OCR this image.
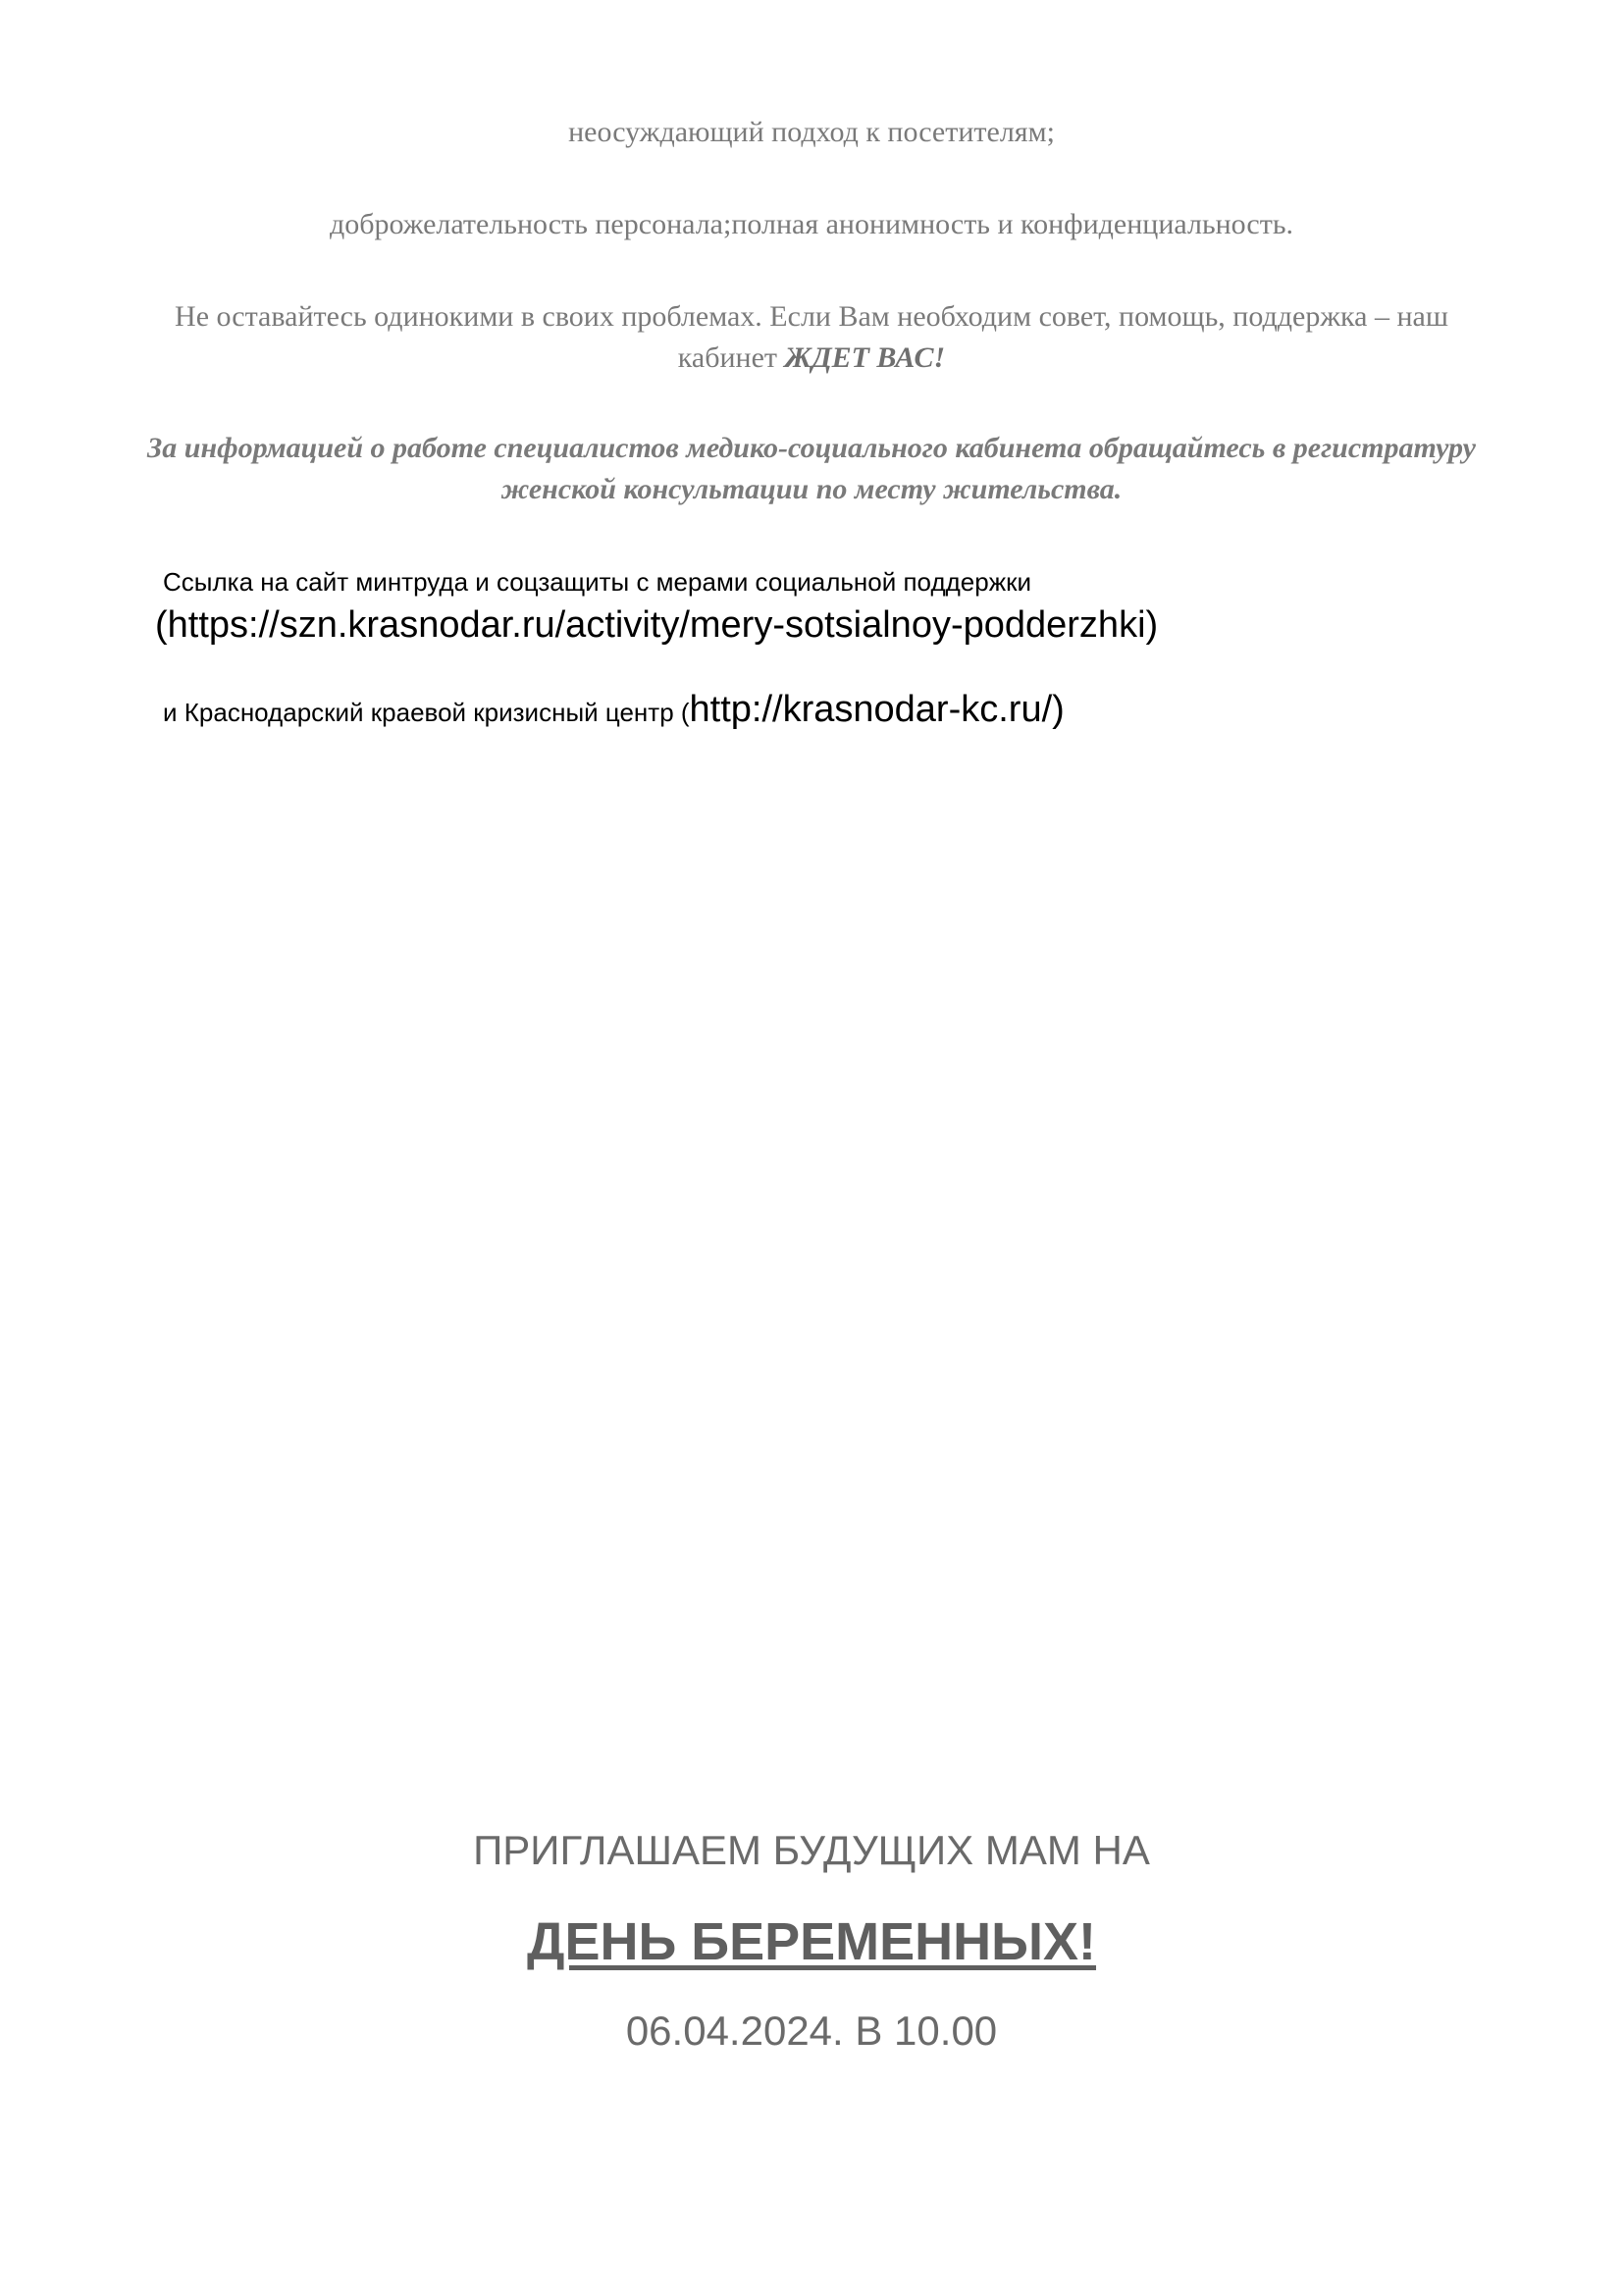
неосуждающий подход к посетителям;
доброжелательность персонала;полная анонимность и конфиденциальность.
Не оставайтесь одинокими в своих проблемах. Если Вам необходим совет, помощь, поддержка – наш кабинет ЖДЕТ ВАС!
За информацией о работе специалистов медико-социального кабинета обращайтесь в регистратуру женской консультации по месту жительства.
Ссылка на сайт минтруда и соцзащиты с мерами социальной поддержки
(https://szn.krasnodar.ru/activity/mery-sotsialnoy-podderzhki)
и Краснодарский краевой кризисный центр (http://krasnodar-kc.ru/)
ПРИГЛАШАЕМ БУДУЩИХ МАМ НА
ДЕНЬ БЕРЕМЕННЫХ!
06.04.2024. В 10.00
